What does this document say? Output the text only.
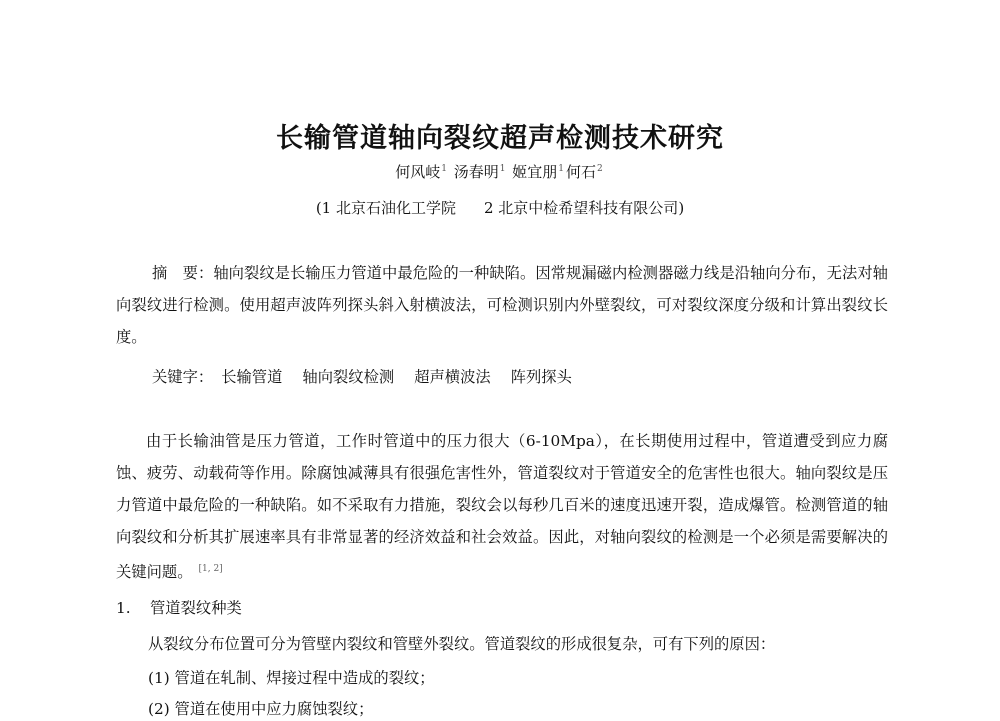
长输管道轴向裂纹超声检测技术研究
何风岐$^1$ 汤春明$^1$ 姬宜朋$^1$ 何石$^2$
(1 北京石油化工学院 2 北京中检希望科技有限公司)
摘　要：轴向裂纹是长输压力管道中最危险的一种缺陷。因常规漏磁内检测器磁力线是沿轴向分布，无法对轴向裂纹进行检测。使用超声波阵列探头斜入射横波法，可检测识别内外壁裂纹，可对裂纹深度分级和计算出裂纹长度。
关键字： 长输管道 轴向裂纹检测 超声横波法 阵列探头
由于长输油管是压力管道，工作时管道中的压力很大（6-10Mpa），在长期使用过程中，管道遭受到应力腐蚀、疲劳、动载荷等作用。除腐蚀减薄具有很强危害性外，管道裂纹对于管道安全的危害性也很大。轴向裂纹是压力管道中最危险的一种缺陷。如不采取有力措施，裂纹会以每秒几百米的速度迅速开裂，造成爆管。检测管道的轴向裂纹和分析其扩展速率具有非常显著的经济效益和社会效益。因此，对轴向裂纹的检测是一个必须是需要解决的关键问题。 [1, 2]
1. 管道裂纹种类
从裂纹分布位置可分为管壁内裂纹和管壁外裂纹。管道裂纹的形成很复杂，可有下列的原因：
(1) 管道在轧制、焊接过程中造成的裂纹；
(2) 管道在使用中应力腐蚀裂纹；
